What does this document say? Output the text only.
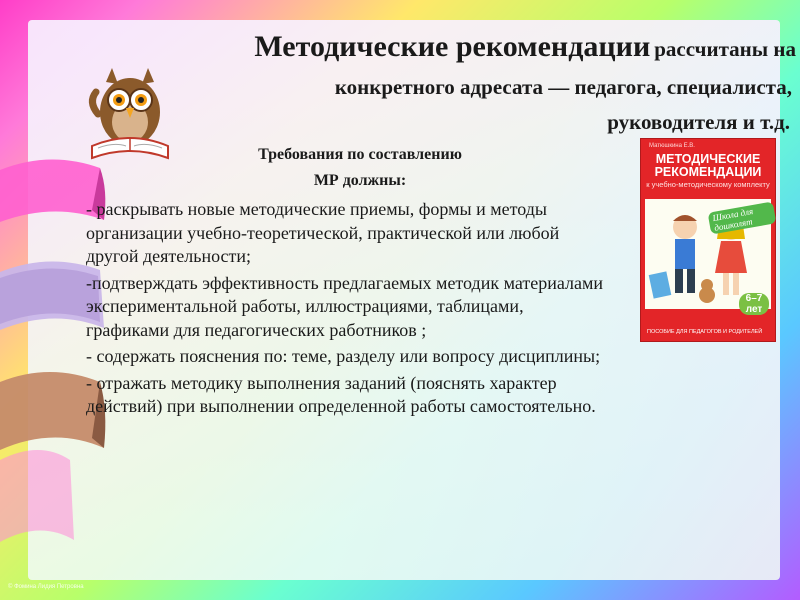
Методические рекомендации рассчитаны на
конкретного адресата — педагога, специалиста,
руководителя и т.д.
Требования по составлению
МР должны:

- раскрывать новые методические приемы, формы и методы организации учебно-теоретической, практической или любой другой деятельности;

-подтверждать эффективность предлагаемых методик материалами экспериментальной работы, иллюстрациями, таблицами, графиками для педагогических работников ;

- содержать пояснения по: теме, разделу или вопросу дисциплины;

- отражать методику выполнения заданий (пояснять характер действий) при выполнении определенной работы самостоятельно.

Матюшкина Е.В.
МЕТОДИЧЕСКИЕ РЕКОМЕНДАЦИИ
к учебно-методическому комплекту
Школа для дошколят
6–7 лет
ПОСОБИЕ ДЛЯ ПЕДАГОГОВ И РОДИТЕЛЕЙ
© Фомина Лидия Петровна
